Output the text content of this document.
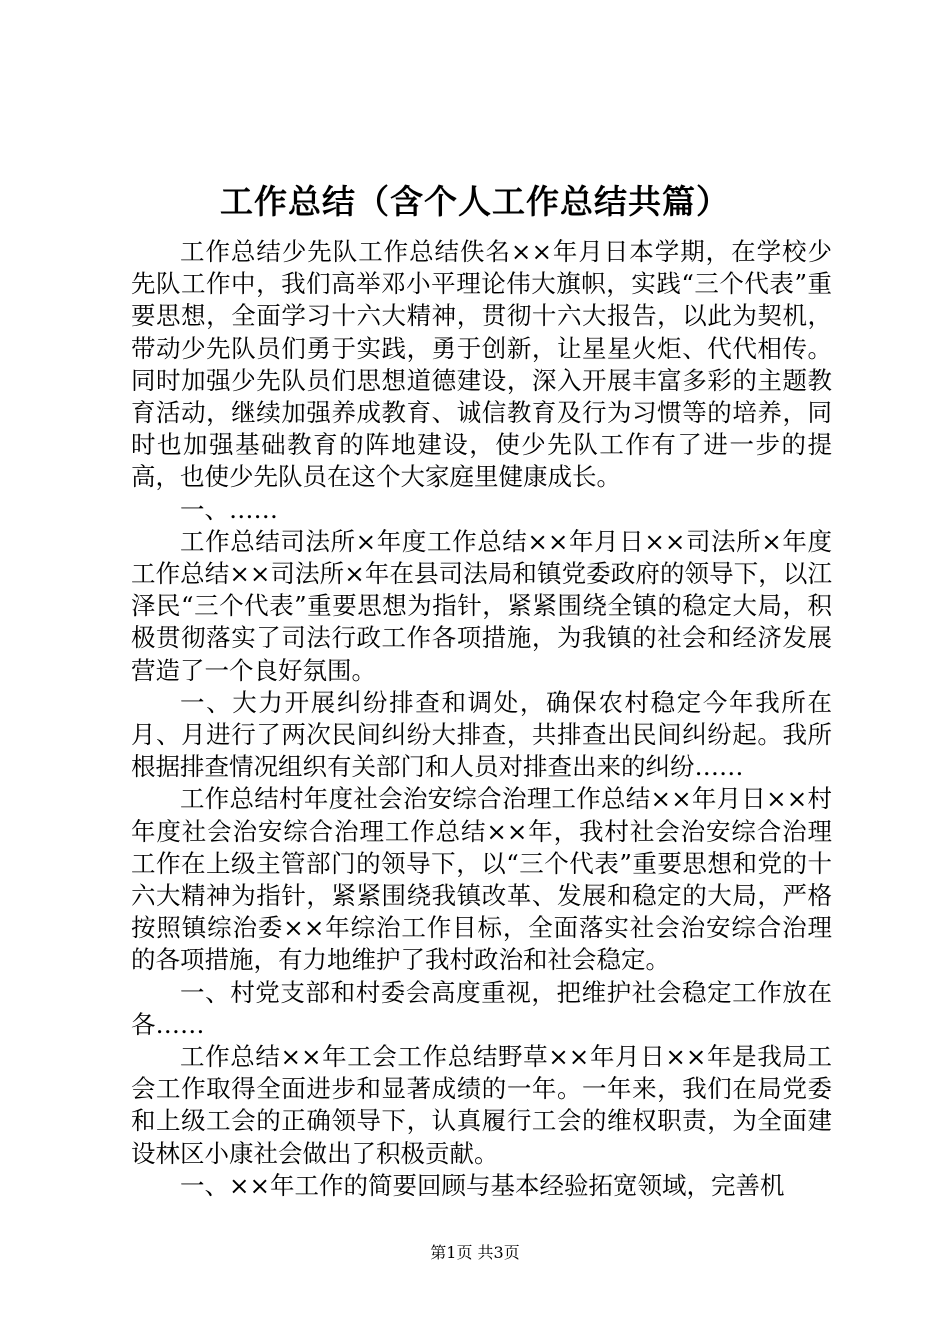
工作总结（含个人工作总结共篇）

工作总结少先队工作总结佚名××年月日本学期，在学校少先队工作中，我们高举邓小平理论伟大旗帜，实践“三个代表”重要思想，全面学习十六大精神，贯彻十六大报告，以此为契机，带动少先队员们勇于实践，勇于创新，让星星火炬、代代相传。同时加强少先队员们思想道德建设，深入开展丰富多彩的主题教育活动，继续加强养成教育、诚信教育及行为习惯等的培养，同时也加强基础教育的阵地建设，使少先队工作有了进一步的提高，也使少先队员在这个大家庭里健康成长。

一、……

工作总结司法所×年度工作总结××年月日××司法所×年度工作总结××司法所×年在县司法局和镇党委政府的领导下，以江泽民“三个代表”重要思想为指针，紧紧围绕全镇的稳定大局，积极贯彻落实了司法行政工作各项措施，为我镇的社会和经济发展营造了一个良好氛围。

一、大力开展纠纷排查和调处，确保农村稳定今年我所在月、月进行了两次民间纠纷大排查，共排查出民间纠纷起。我所根据排查情况组织有关部门和人员对排查出来的纠纷……

工作总结村年度社会治安综合治理工作总结××年月日××村年度社会治安综合治理工作总结××年，我村社会治安综合治理工作在上级主管部门的领导下，以“三个代表”重要思想和党的十六大精神为指针，紧紧围绕我镇改革、发展和稳定的大局，严格按照镇综治委××年综治工作目标，全面落实社会治安综合治理的各项措施，有力地维护了我村政治和社会稳定。

一、村党支部和村委会高度重视，把维护社会稳定工作放在各……

工作总结××年工会工作总结野草××年月日××年是我局工会工作取得全面进步和显著成绩的一年。一年来，我们在局党委和上级工会的正确领导下，认真履行工会的维权职责，为全面建设林区小康社会做出了积极贡献。

一、××年工作的简要回顾与基本经验拓宽领域，完善机

第1页 共3页
